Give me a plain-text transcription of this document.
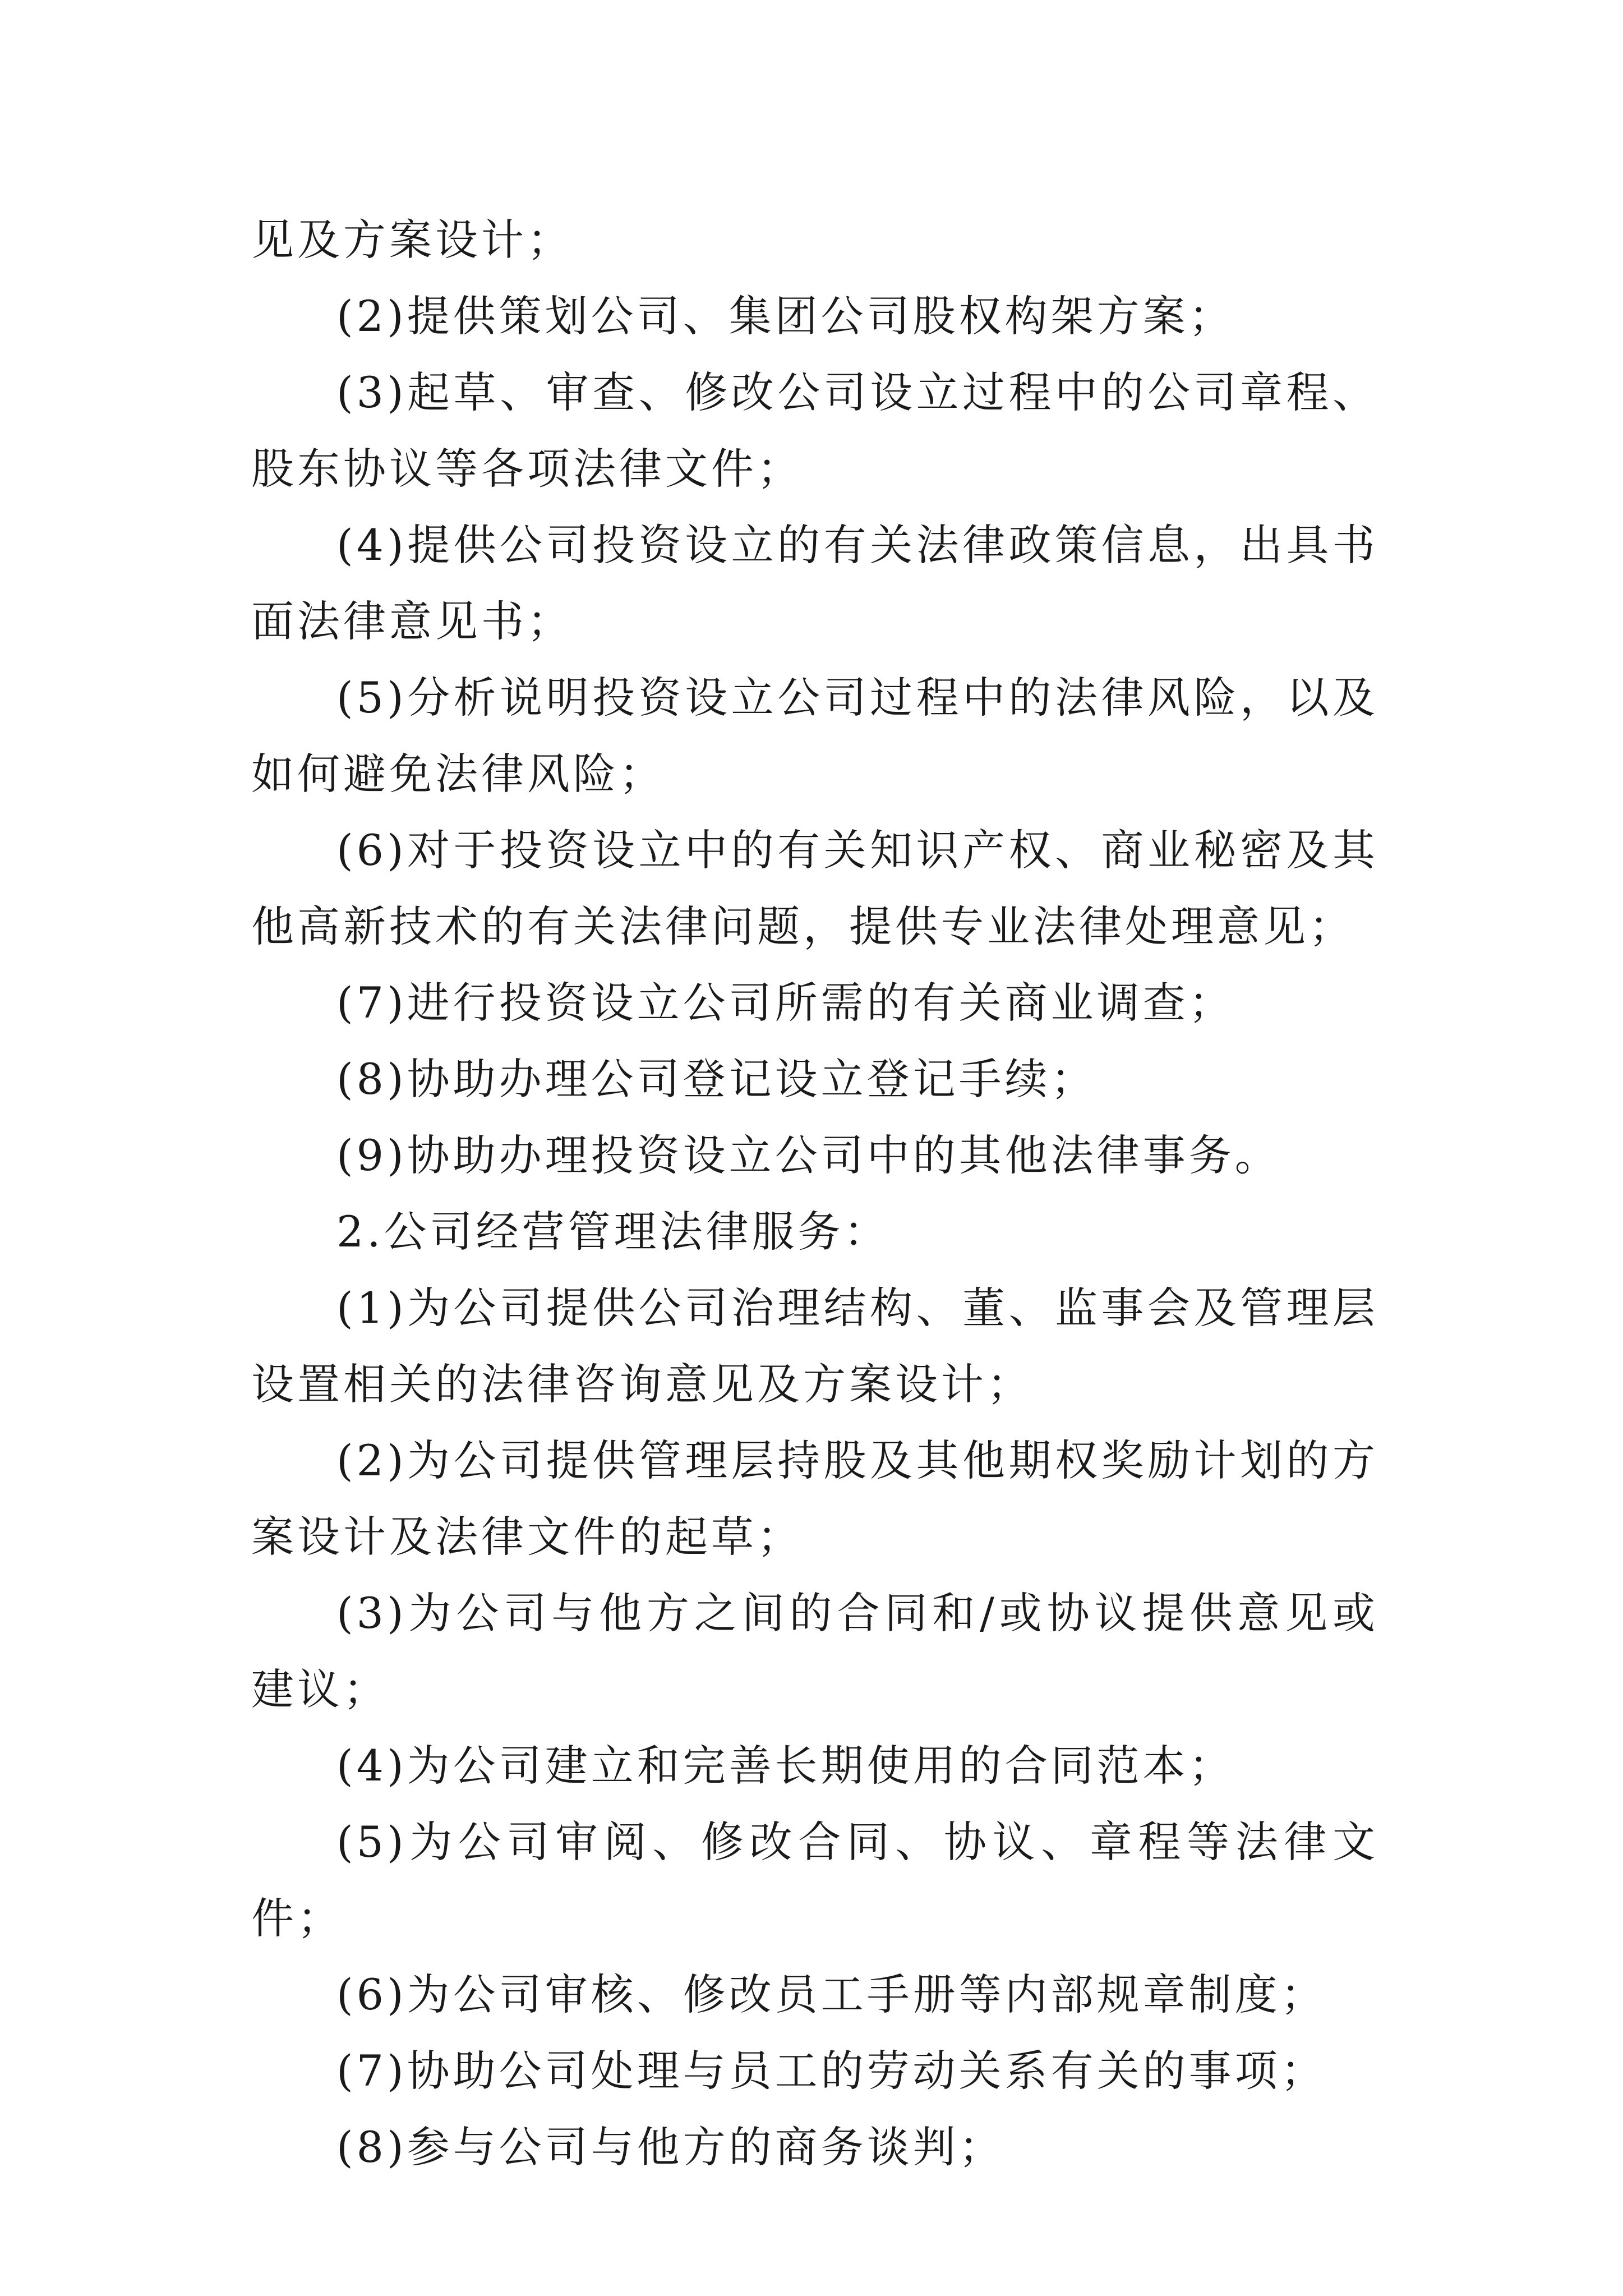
见及方案设计；

(2)提供策划公司、集团公司股权构架方案；

(3)起草、审查、修改公司设立过程中的公司章程、股东协议等各项法律文件；

(4)提供公司投资设立的有关法律政策信息，出具书面法律意见书；

(5)分析说明投资设立公司过程中的法律风险，以及如何避免法律风险；

(6)对于投资设立中的有关知识产权、商业秘密及其他高新技术的有关法律问题，提供专业法律处理意见；

(7)进行投资设立公司所需的有关商业调查；

(8)协助办理公司登记设立登记手续；

(9)协助办理投资设立公司中的其他法律事务。

2.公司经营管理法律服务：

(1)为公司提供公司治理结构、董、监事会及管理层设置相关的法律咨询意见及方案设计；

(2)为公司提供管理层持股及其他期权奖励计划的方案设计及法律文件的起草；

(3)为公司与他方之间的合同和/或协议提供意见或建议；

(4)为公司建立和完善长期使用的合同范本；

(5)为公司审阅、修改合同、协议、章程等法律文件；

(6)为公司审核、修改员工手册等内部规章制度；

(7)协助公司处理与员工的劳动关系有关的事项；

(8)参与公司与他方的商务谈判；
